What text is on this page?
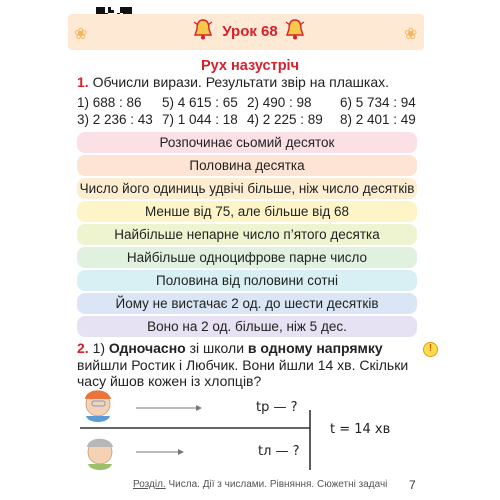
❀	❀
Урок 68
Рух назустріч
1. Обчисли вирази. Результати звір на плашках.
1) 688 : 86	5) 4 615 : 65 2) 490 : 98	6) 5 734 : 94
3) 2 236 : 43 7) 1 044 : 18 4) 2 225 : 89	8) 2 401 : 49
Розпочинає сьомий десяток
Половина десятка
Число його одиниць удвічі більше, ніж число десятків
Менше від 75, але більше від 68
Найбільше непарне число п’ятого десятка
Найбільше одноцифрове парне число
Половина від половини сотні
Йому не вистачає 2 од. до шести десятків
Воно на 2 од. більше, ніж 5 дес.
2. 1) Одночасно зі школи в одному напрямку вийшли Ростик і Любчик. Вони йшли 14 хв. Скільки часу йшов кожен із хлопців?
!
tр — ?
tл — ?
t = 14 хв
Розділ. Числа. Дії з числами. Рівняння. Сюжетні задачі 7
